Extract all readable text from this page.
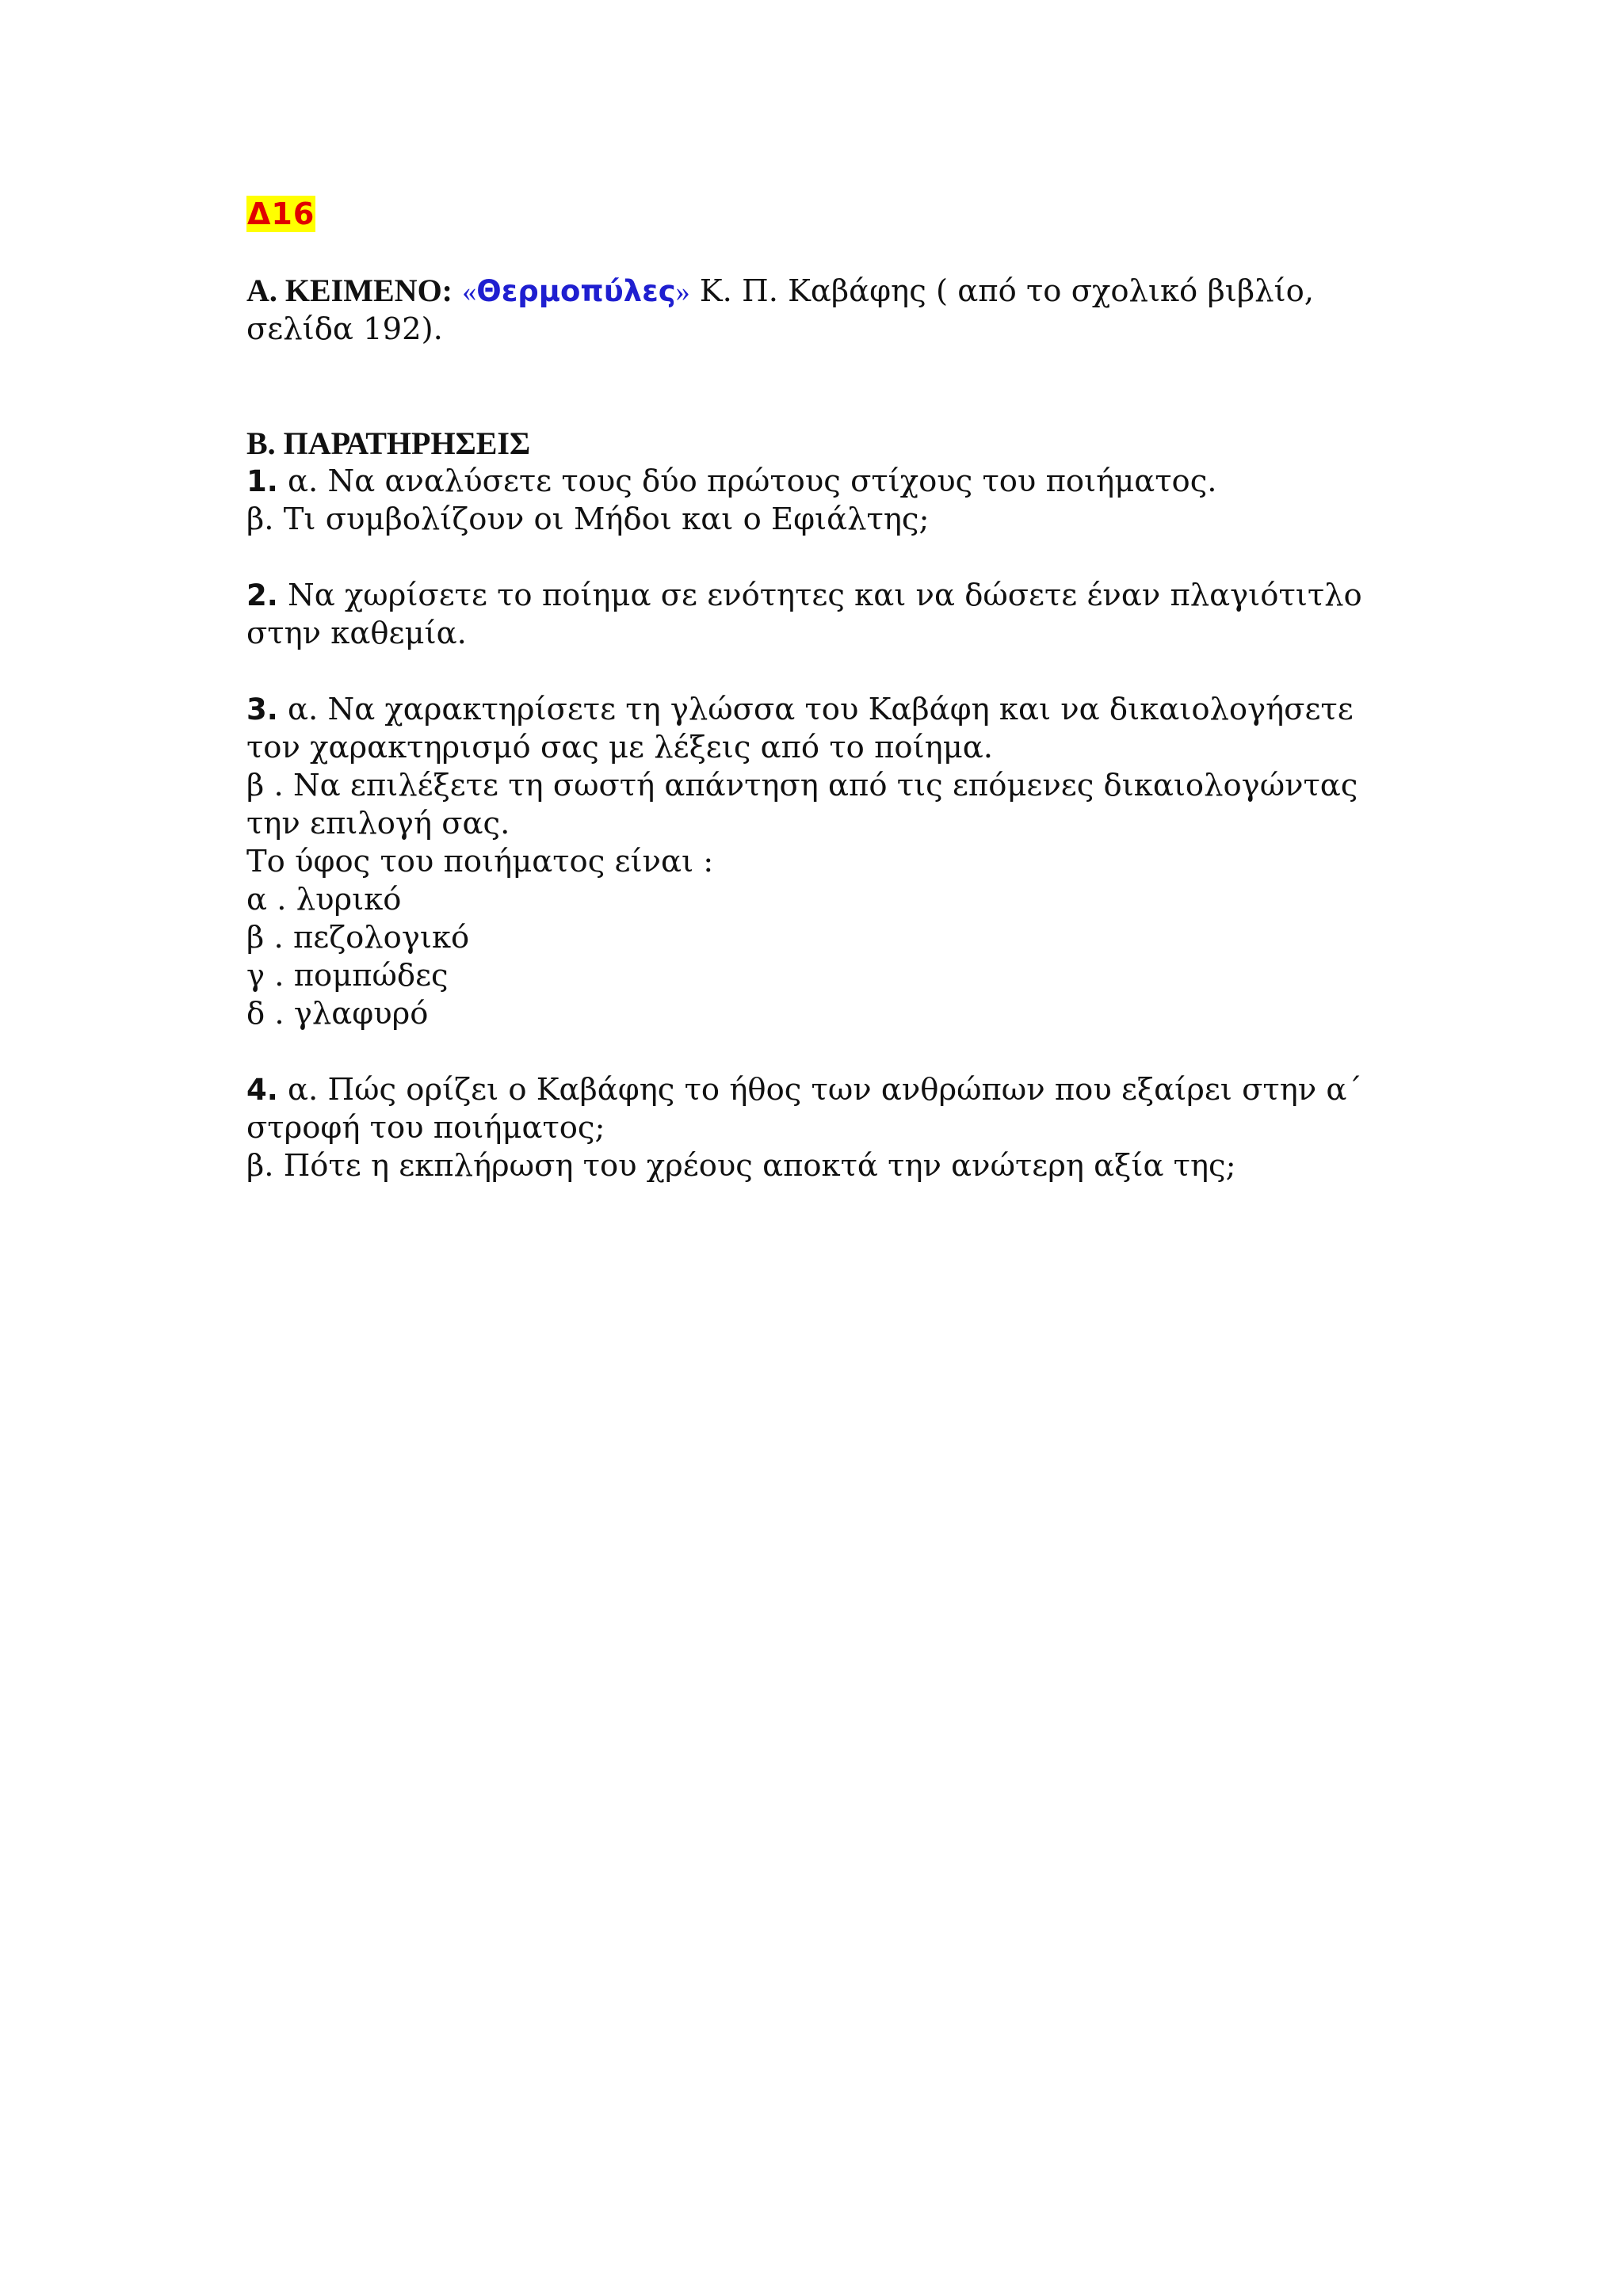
Δ16
Α. ΚΕΙΜΕΝΟ: «Θερμοπύλες» Κ. Π. Καβάφης ( από το σχολικό βιβλίο,
σελίδα 192).
Β. ΠΑΡΑΤΗΡΗΣΕΙΣ
1. α. Να αναλύσετε τους δύο πρώτους στίχους του ποιήματος.
β. Τι συμβολίζουν οι Μήδοι και ο Εφιάλτης;
2. Να χωρίσετε το ποίημα σε ενότητες και να δώσετε έναν πλαγιότιτλο
στην καθεμία.
3. α. Να χαρακτηρίσετε τη γλώσσα του Καβάφη και να δικαιολογήσετε
τον χαρακτηρισμό σας με λέξεις από το ποίημα.
β . Να επιλέξετε τη σωστή απάντηση από τις επόμενες δικαιολογώντας
την επιλογή σας.
Το ύφος του ποιήματος είναι :
α . λυρικό
β . πεζολογικό
γ . πομπώδες
δ . γλαφυρό
4. α. Πώς ορίζει ο Καβάφης το ήθος των ανθρώπων που εξαίρει στην α΄
στροφή του ποιήματος;
β. Πότε η εκπλήρωση του χρέους αποκτά την ανώτερη αξία της;
